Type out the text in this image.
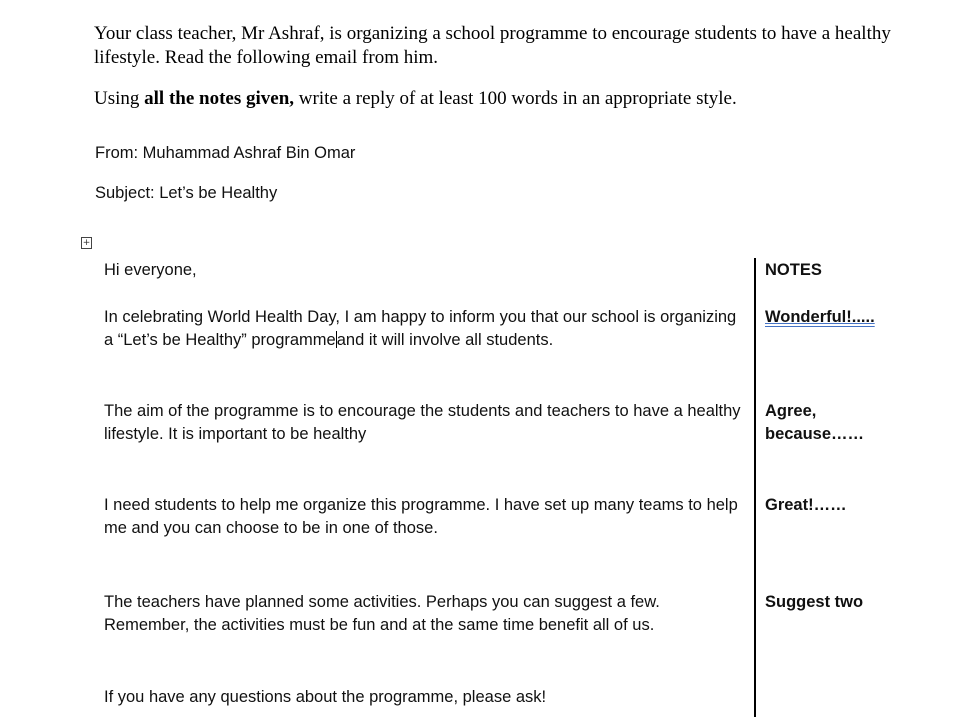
Your class teacher, Mr Ashraf, is organizing a school programme to encourage students to have a healthy lifestyle. Read the following email from him.

Using all the notes given, write a reply of at least 100 words in an appropriate style.

From: Muhammad Ashraf Bin Omar

Subject: Let’s be Healthy

+

Hi everyone,

In celebrating World Health Day, I am happy to inform you that our school is organizing a “Let’s be Healthy” programmeand it will involve all students.

The aim of the programme is to encourage the students and teachers to have a healthy lifestyle. It is important to be healthy

I need students to help me organize this programme. I have set up many teams to help me and you can choose to be in one of those.

The teachers have planned some activities. Perhaps you can suggest a few. Remember, the activities must be fun and at the same time benefit all of us.

If you have any questions about the programme, please ask!

NOTES

Wonderful!.....

Agree, because……

Great!……

Suggest two
